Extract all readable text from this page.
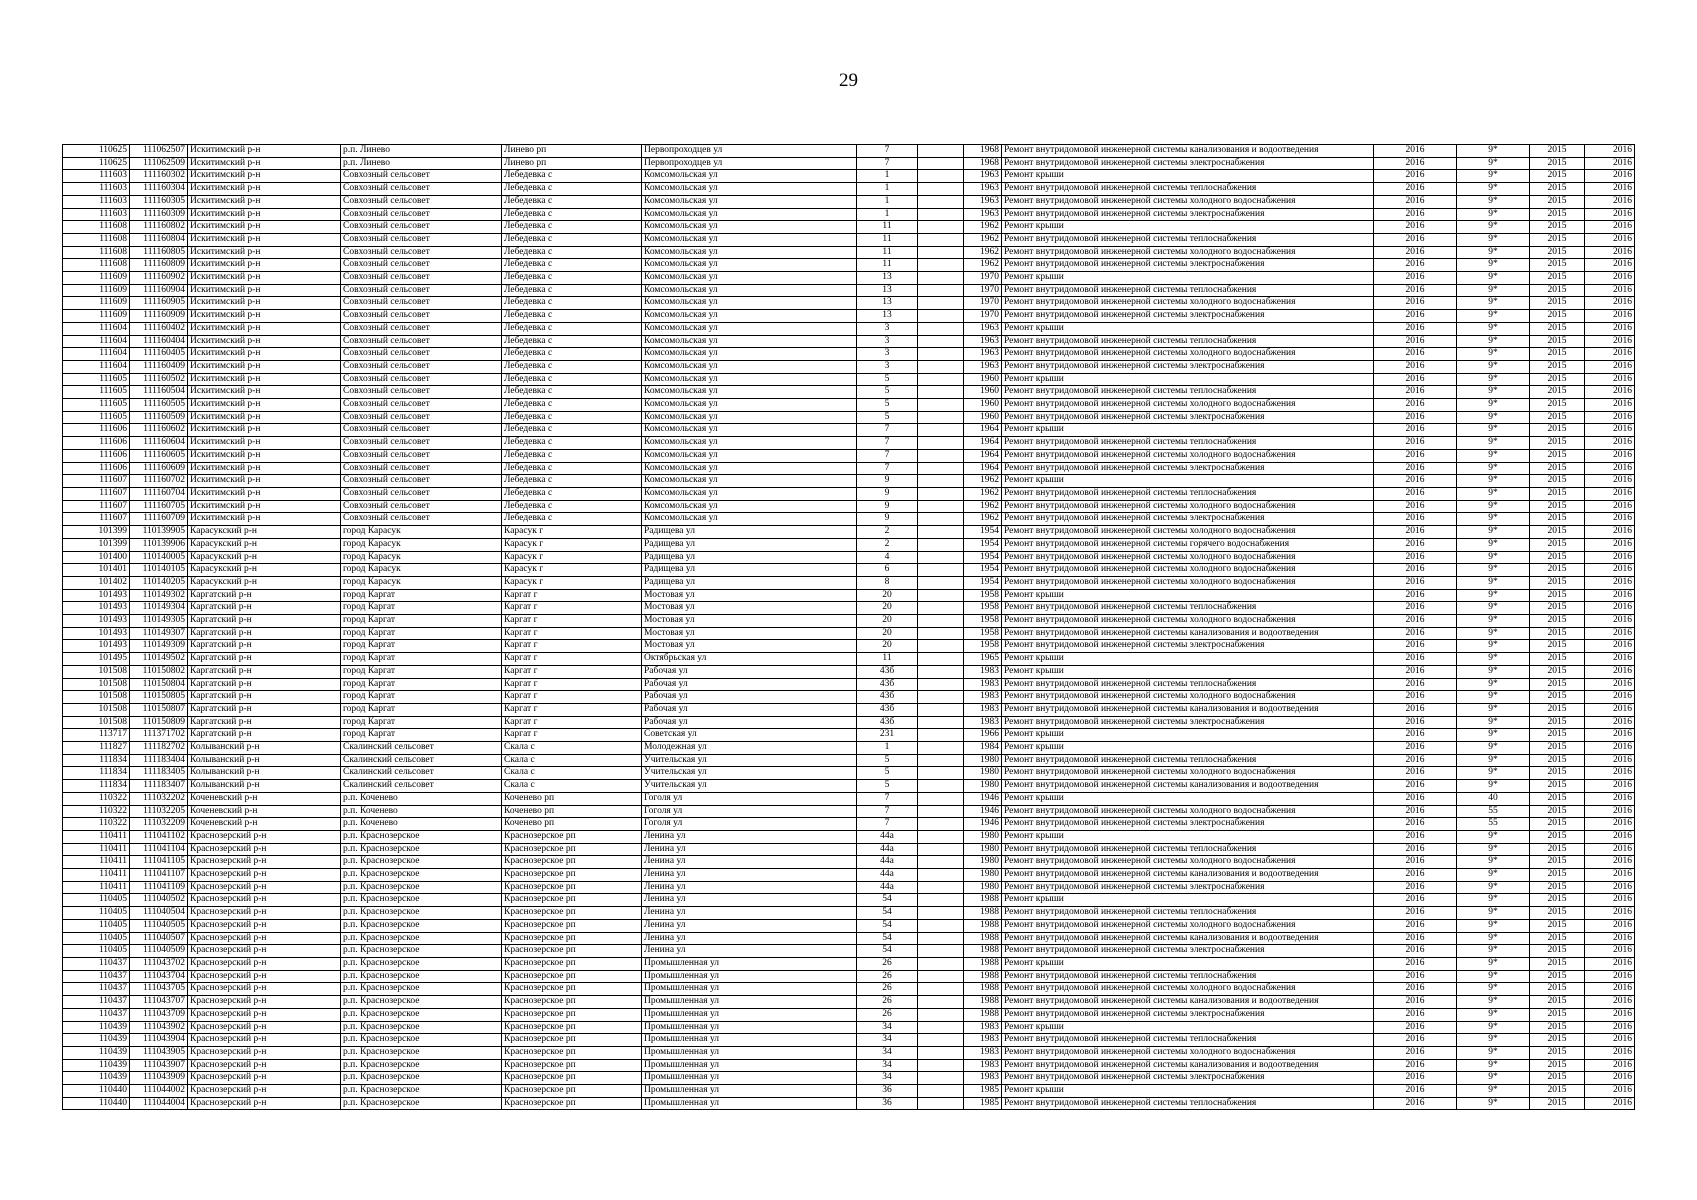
29
110625	111062507	Искитимский р-н	р.п. Линево	Линево рп	Первопроходцев ул	7		1968	Ремонт внутридомовой инженерной системы канализования и водоотведения	2016	9*	2015	2016
110625	111062509	Искитимский р-н	р.п. Линево	Линево рп	Первопроходцев ул	7		1968	Ремонт внутридомовой инженерной системы электроснабжения	2016	9*	2015	2016
111603	111160302	Искитимский р-н	Совхозный сельсовет	Лебедевка с	Комсомольская ул	1		1963	Ремонт крыши	2016	9*	2015	2016
111603	111160304	Искитимский р-н	Совхозный сельсовет	Лебедевка с	Комсомольская ул	1		1963	Ремонт внутридомовой инженерной системы теплоснабжения	2016	9*	2015	2016
111603	111160305	Искитимский р-н	Совхозный сельсовет	Лебедевка с	Комсомольская ул	1		1963	Ремонт внутридомовой инженерной системы холодного водоснабжения	2016	9*	2015	2016
111603	111160309	Искитимский р-н	Совхозный сельсовет	Лебедевка с	Комсомольская ул	1		1963	Ремонт внутридомовой инженерной системы электроснабжения	2016	9*	2015	2016
111608	111160802	Искитимский р-н	Совхозный сельсовет	Лебедевка с	Комсомольская ул	11		1962	Ремонт крыши	2016	9*	2015	2016
111608	111160804	Искитимский р-н	Совхозный сельсовет	Лебедевка с	Комсомольская ул	11		1962	Ремонт внутридомовой инженерной системы теплоснабжения	2016	9*	2015	2016
111608	111160805	Искитимский р-н	Совхозный сельсовет	Лебедевка с	Комсомольская ул	11		1962	Ремонт внутридомовой инженерной системы холодного водоснабжения	2016	9*	2015	2016
111608	111160809	Искитимский р-н	Совхозный сельсовет	Лебедевка с	Комсомольская ул	11		1962	Ремонт внутридомовой инженерной системы электроснабжения	2016	9*	2015	2016
111609	111160902	Искитимский р-н	Совхозный сельсовет	Лебедевка с	Комсомольская ул	13		1970	Ремонт крыши	2016	9*	2015	2016
111609	111160904	Искитимский р-н	Совхозный сельсовет	Лебедевка с	Комсомольская ул	13		1970	Ремонт внутридомовой инженерной системы теплоснабжения	2016	9*	2015	2016
111609	111160905	Искитимский р-н	Совхозный сельсовет	Лебедевка с	Комсомольская ул	13		1970	Ремонт внутридомовой инженерной системы холодного водоснабжения	2016	9*	2015	2016
111609	111160909	Искитимский р-н	Совхозный сельсовет	Лебедевка с	Комсомольская ул	13		1970	Ремонт внутридомовой инженерной системы электроснабжения	2016	9*	2015	2016
111604	111160402	Искитимский р-н	Совхозный сельсовет	Лебедевка с	Комсомольская ул	3		1963	Ремонт крыши	2016	9*	2015	2016
111604	111160404	Искитимский р-н	Совхозный сельсовет	Лебедевка с	Комсомольская ул	3		1963	Ремонт внутридомовой инженерной системы теплоснабжения	2016	9*	2015	2016
111604	111160405	Искитимский р-н	Совхозный сельсовет	Лебедевка с	Комсомольская ул	3		1963	Ремонт внутридомовой инженерной системы холодного водоснабжения	2016	9*	2015	2016
111604	111160409	Искитимский р-н	Совхозный сельсовет	Лебедевка с	Комсомольская ул	3		1963	Ремонт внутридомовой инженерной системы электроснабжения	2016	9*	2015	2016
111605	111160502	Искитимский р-н	Совхозный сельсовет	Лебедевка с	Комсомольская ул	5		1960	Ремонт крыши	2016	9*	2015	2016
111605	111160504	Искитимский р-н	Совхозный сельсовет	Лебедевка с	Комсомольская ул	5		1960	Ремонт внутридомовой инженерной системы теплоснабжения	2016	9*	2015	2016
111605	111160505	Искитимский р-н	Совхозный сельсовет	Лебедевка с	Комсомольская ул	5		1960	Ремонт внутридомовой инженерной системы холодного водоснабжения	2016	9*	2015	2016
111605	111160509	Искитимский р-н	Совхозный сельсовет	Лебедевка с	Комсомольская ул	5		1960	Ремонт внутридомовой инженерной системы электроснабжения	2016	9*	2015	2016
111606	111160602	Искитимский р-н	Совхозный сельсовет	Лебедевка с	Комсомольская ул	7		1964	Ремонт крыши	2016	9*	2015	2016
111606	111160604	Искитимский р-н	Совхозный сельсовет	Лебедевка с	Комсомольская ул	7		1964	Ремонт внутридомовой инженерной системы теплоснабжения	2016	9*	2015	2016
111606	111160605	Искитимский р-н	Совхозный сельсовет	Лебедевка с	Комсомольская ул	7		1964	Ремонт внутридомовой инженерной системы холодного водоснабжения	2016	9*	2015	2016
111606	111160609	Искитимский р-н	Совхозный сельсовет	Лебедевка с	Комсомольская ул	7		1964	Ремонт внутридомовой инженерной системы электроснабжения	2016	9*	2015	2016
111607	111160702	Искитимский р-н	Совхозный сельсовет	Лебедевка с	Комсомольская ул	9		1962	Ремонт крыши	2016	9*	2015	2016
111607	111160704	Искитимский р-н	Совхозный сельсовет	Лебедевка с	Комсомольская ул	9		1962	Ремонт внутридомовой инженерной системы теплоснабжения	2016	9*	2015	2016
111607	111160705	Искитимский р-н	Совхозный сельсовет	Лебедевка с	Комсомольская ул	9		1962	Ремонт внутридомовой инженерной системы холодного водоснабжения	2016	9*	2015	2016
111607	111160709	Искитимский р-н	Совхозный сельсовет	Лебедевка с	Комсомольская ул	9		1962	Ремонт внутридомовой инженерной системы электроснабжения	2016	9*	2015	2016
101399	110139905	Карасукский р-н	город Карасук	Карасук г	Радищева ул	2		1954	Ремонт внутридомовой инженерной системы холодного водоснабжения	2016	9*	2015	2016
101399	110139906	Карасукский р-н	город Карасук	Карасук г	Радищева ул	2		1954	Ремонт внутридомовой инженерной системы горячего водоснабжения	2016	9*	2015	2016
101400	110140005	Карасукский р-н	город Карасук	Карасук г	Радищева ул	4		1954	Ремонт внутридомовой инженерной системы холодного водоснабжения	2016	9*	2015	2016
101401	110140105	Карасукский р-н	город Карасук	Карасук г	Радищева ул	6		1954	Ремонт внутридомовой инженерной системы холодного водоснабжения	2016	9*	2015	2016
101402	110140205	Карасукский р-н	город Карасук	Карасук г	Радищева ул	8		1954	Ремонт внутридомовой инженерной системы холодного водоснабжения	2016	9*	2015	2016
101493	110149302	Каргатский р-н	город Каргат	Каргат г	Мостовая ул	20		1958	Ремонт крыши	2016	9*	2015	2016
101493	110149304	Каргатский р-н	город Каргат	Каргат г	Мостовая ул	20		1958	Ремонт внутридомовой инженерной системы теплоснабжения	2016	9*	2015	2016
101493	110149305	Каргатский р-н	город Каргат	Каргат г	Мостовая ул	20		1958	Ремонт внутридомовой инженерной системы холодного водоснабжения	2016	9*	2015	2016
101493	110149307	Каргатский р-н	город Каргат	Каргат г	Мостовая ул	20		1958	Ремонт внутридомовой инженерной системы канализования и водоотведения	2016	9*	2015	2016
101493	110149309	Каргатский р-н	город Каргат	Каргат г	Мостовая ул	20		1958	Ремонт внутридомовой инженерной системы электроснабжения	2016	9*	2015	2016
101495	110149502	Каргатский р-н	город Каргат	Каргат г	Октябрьская ул	11		1965	Ремонт крыши	2016	9*	2015	2016
101508	110150802	Каргатский р-н	город Каргат	Каргат г	Рабочая ул	43б		1983	Ремонт крыши	2016	9*	2015	2016
101508	110150804	Каргатский р-н	город Каргат	Каргат г	Рабочая ул	43б		1983	Ремонт внутридомовой инженерной системы теплоснабжения	2016	9*	2015	2016
101508	110150805	Каргатский р-н	город Каргат	Каргат г	Рабочая ул	43б		1983	Ремонт внутридомовой инженерной системы холодного водоснабжения	2016	9*	2015	2016
101508	110150807	Каргатский р-н	город Каргат	Каргат г	Рабочая ул	43б		1983	Ремонт внутридомовой инженерной системы канализования и водоотведения	2016	9*	2015	2016
101508	110150809	Каргатский р-н	город Каргат	Каргат г	Рабочая ул	43б		1983	Ремонт внутридомовой инженерной системы электроснабжения	2016	9*	2015	2016
113717	111371702	Каргатский р-н	город Каргат	Каргат г	Советская ул	231		1966	Ремонт крыши	2016	9*	2015	2016
111827	111182702	Колыванский р-н	Скалинский сельсовет	Скала с	Молодежная ул	1		1984	Ремонт крыши	2016	9*	2015	2016
111834	111183404	Колыванский р-н	Скалинский сельсовет	Скала с	Учительская ул	5		1980	Ремонт внутридомовой инженерной системы теплоснабжения	2016	9*	2015	2016
111834	111183405	Колыванский р-н	Скалинский сельсовет	Скала с	Учительская ул	5		1980	Ремонт внутридомовой инженерной системы холодного водоснабжения	2016	9*	2015	2016
111834	111183407	Колыванский р-н	Скалинский сельсовет	Скала с	Учительская ул	5		1980	Ремонт внутридомовой инженерной системы канализования и водоотведения	2016	9*	2015	2016
110322	111032202	Коченевский р-н	р.п. Коченево	Коченево рп	Гоголя ул	7		1946	Ремонт крыши	2016	40	2015	2016
110322	111032205	Коченевский р-н	р.п. Коченево	Коченево рп	Гоголя ул	7		1946	Ремонт внутридомовой инженерной системы холодного водоснабжения	2016	55	2015	2016
110322	111032209	Коченевский р-н	р.п. Коченево	Коченево рп	Гоголя ул	7		1946	Ремонт внутридомовой инженерной системы электроснабжения	2016	55	2015	2016
110411	111041102	Краснозерский р-н	р.п. Краснозерское	Краснозерское рп	Ленина ул	44а		1980	Ремонт крыши	2016	9*	2015	2016
110411	111041104	Краснозерский р-н	р.п. Краснозерское	Краснозерское рп	Ленина ул	44а		1980	Ремонт внутридомовой инженерной системы теплоснабжения	2016	9*	2015	2016
110411	111041105	Краснозерский р-н	р.п. Краснозерское	Краснозерское рп	Ленина ул	44а		1980	Ремонт внутридомовой инженерной системы холодного водоснабжения	2016	9*	2015	2016
110411	111041107	Краснозерский р-н	р.п. Краснозерское	Краснозерское рп	Ленина ул	44а		1980	Ремонт внутридомовой инженерной системы канализования и водоотведения	2016	9*	2015	2016
110411	111041109	Краснозерский р-н	р.п. Краснозерское	Краснозерское рп	Ленина ул	44а		1980	Ремонт внутридомовой инженерной системы электроснабжения	2016	9*	2015	2016
110405	111040502	Краснозерский р-н	р.п. Краснозерское	Краснозерское рп	Ленина ул	54		1988	Ремонт крыши	2016	9*	2015	2016
110405	111040504	Краснозерский р-н	р.п. Краснозерское	Краснозерское рп	Ленина ул	54		1988	Ремонт внутридомовой инженерной системы теплоснабжения	2016	9*	2015	2016
110405	111040505	Краснозерский р-н	р.п. Краснозерское	Краснозерское рп	Ленина ул	54		1988	Ремонт внутридомовой инженерной системы холодного водоснабжения	2016	9*	2015	2016
110405	111040507	Краснозерский р-н	р.п. Краснозерское	Краснозерское рп	Ленина ул	54		1988	Ремонт внутридомовой инженерной системы канализования и водоотведения	2016	9*	2015	2016
110405	111040509	Краснозерский р-н	р.п. Краснозерское	Краснозерское рп	Ленина ул	54		1988	Ремонт внутридомовой инженерной системы электроснабжения	2016	9*	2015	2016
110437	111043702	Краснозерский р-н	р.п. Краснозерское	Краснозерское рп	Промышленная ул	26		1988	Ремонт крыши	2016	9*	2015	2016
110437	111043704	Краснозерский р-н	р.п. Краснозерское	Краснозерское рп	Промышленная ул	26		1988	Ремонт внутридомовой инженерной системы теплоснабжения	2016	9*	2015	2016
110437	111043705	Краснозерский р-н	р.п. Краснозерское	Краснозерское рп	Промышленная ул	26		1988	Ремонт внутридомовой инженерной системы холодного водоснабжения	2016	9*	2015	2016
110437	111043707	Краснозерский р-н	р.п. Краснозерское	Краснозерское рп	Промышленная ул	26		1988	Ремонт внутридомовой инженерной системы канализования и водоотведения	2016	9*	2015	2016
110437	111043709	Краснозерский р-н	р.п. Краснозерское	Краснозерское рп	Промышленная ул	26		1988	Ремонт внутридомовой инженерной системы электроснабжения	2016	9*	2015	2016
110439	111043902	Краснозерский р-н	р.п. Краснозерское	Краснозерское рп	Промышленная ул	34		1983	Ремонт крыши	2016	9*	2015	2016
110439	111043904	Краснозерский р-н	р.п. Краснозерское	Краснозерское рп	Промышленная ул	34		1983	Ремонт внутридомовой инженерной системы теплоснабжения	2016	9*	2015	2016
110439	111043905	Краснозерский р-н	р.п. Краснозерское	Краснозерское рп	Промышленная ул	34		1983	Ремонт внутридомовой инженерной системы холодного водоснабжения	2016	9*	2015	2016
110439	111043907	Краснозерский р-н	р.п. Краснозерское	Краснозерское рп	Промышленная ул	34		1983	Ремонт внутридомовой инженерной системы канализования и водоотведения	2016	9*	2015	2016
110439	111043909	Краснозерский р-н	р.п. Краснозерское	Краснозерское рп	Промышленная ул	34		1983	Ремонт внутридомовой инженерной системы электроснабжения	2016	9*	2015	2016
110440	111044002	Краснозерский р-н	р.п. Краснозерское	Краснозерское рп	Промышленная ул	36		1985	Ремонт крыши	2016	9*	2015	2016
110440	111044004	Краснозерский р-н	р.п. Краснозерское	Краснозерское рп	Промышленная ул	36		1985	Ремонт внутридомовой инженерной системы теплоснабжения	2016	9*	2015	2016
